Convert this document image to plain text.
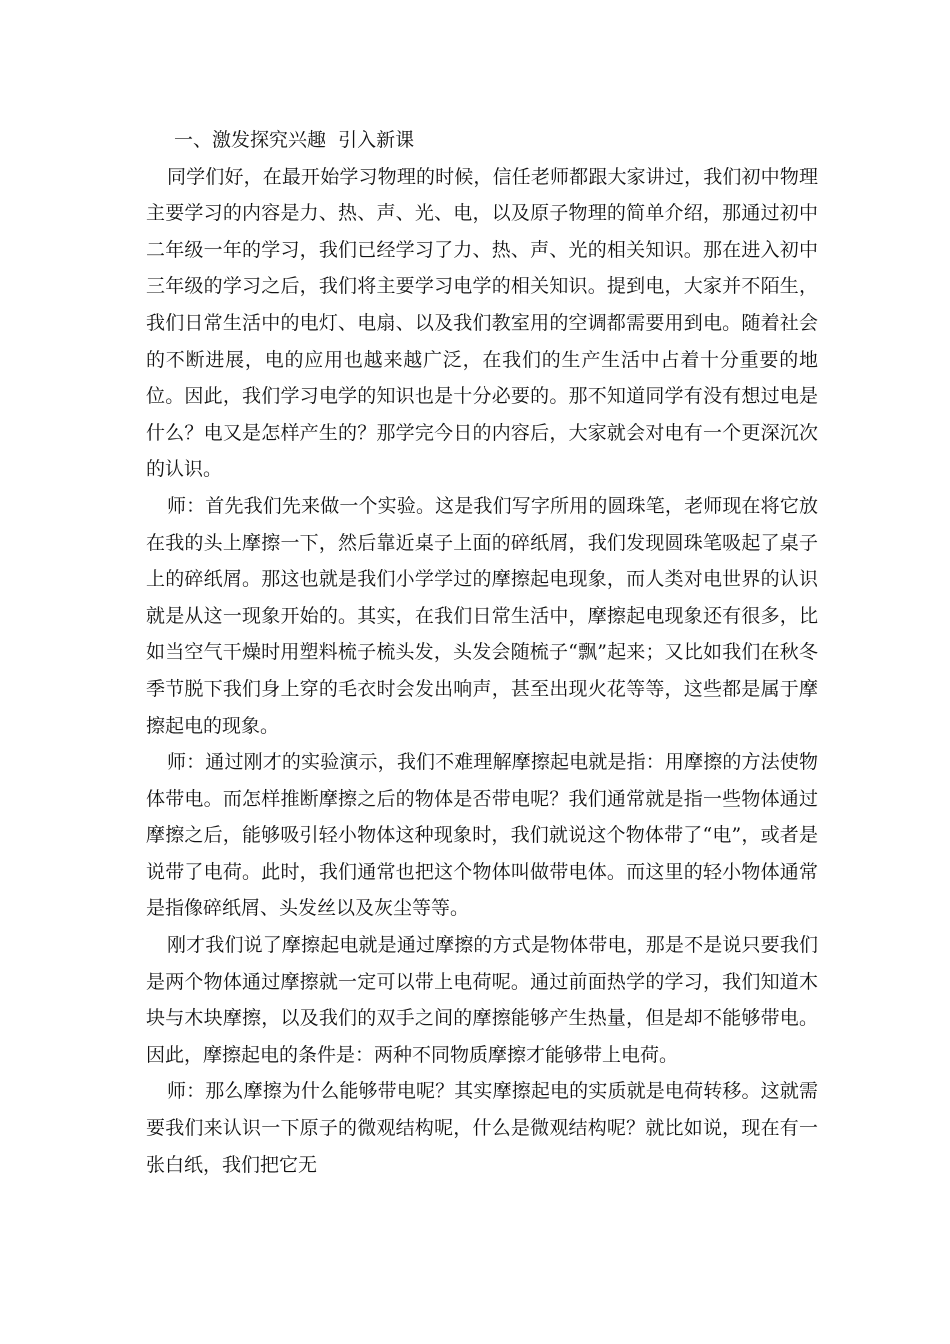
一、激发探究兴趣  引入新课

同学们好，在最开始学习物理的时候，信任老师都跟大家讲过，我们初中物理主要学习的内容是力、热、声、光、电，以及原子物理的简单介绍，那通过初中二年级一年的学习，我们已经学习了力、热、声、光的相关知识。那在进入初中三年级的学习之后，我们将主要学习电学的相关知识。提到电，大家并不陌生，我们日常生活中的电灯、电扇、以及我们教室用的空调都需要用到电。随着社会的不断进展，电的应用也越来越广泛，在我们的生产生活中占着十分重要的地位。因此，我们学习电学的知识也是十分必要的。那不知道同学有没有想过电是什么？电又是怎样产生的？那学完今日的内容后，大家就会对电有一个更深沉次的认识。

师：首先我们先来做一个实验。这是我们写字所用的圆珠笔，老师现在将它放在我的头上摩擦一下，然后靠近桌子上面的碎纸屑，我们发现圆珠笔吸起了桌子上的碎纸屑。那这也就是我们小学学过的摩擦起电现象，而人类对电世界的认识就是从这一现象开始的。其实，在我们日常生活中，摩擦起电现象还有很多，比如当空气干燥时用塑料梳子梳头发，头发会随梳子“飘”起来；又比如我们在秋冬季节脱下我们身上穿的毛衣时会发出响声，甚至出现火花等等，这些都是属于摩擦起电的现象。

师：通过刚才的实验演示，我们不难理解摩擦起电就是指：用摩擦的方法使物体带电。而怎样推断摩擦之后的物体是否带电呢？我们通常就是指一些物体通过摩擦之后，能够吸引轻小物体这种现象时，我们就说这个物体带了“电”，或者是说带了电荷。此时，我们通常也把这个物体叫做带电体。而这里的轻小物体通常是指像碎纸屑、头发丝以及灰尘等等。

刚才我们说了摩擦起电就是通过摩擦的方式是物体带电，那是不是说只要我们是两个物体通过摩擦就一定可以带上电荷呢。通过前面热学的学习，我们知道木块与木块摩擦，以及我们的双手之间的摩擦能够产生热量，但是却不能够带电。因此，摩擦起电的条件是：两种不同物质摩擦才能够带上电荷。

师：那么摩擦为什么能够带电呢？其实摩擦起电的实质就是电荷转移。这就需要我们来认识一下原子的微观结构呢，什么是微观结构呢？就比如说，现在有一张白纸，我们把它无
